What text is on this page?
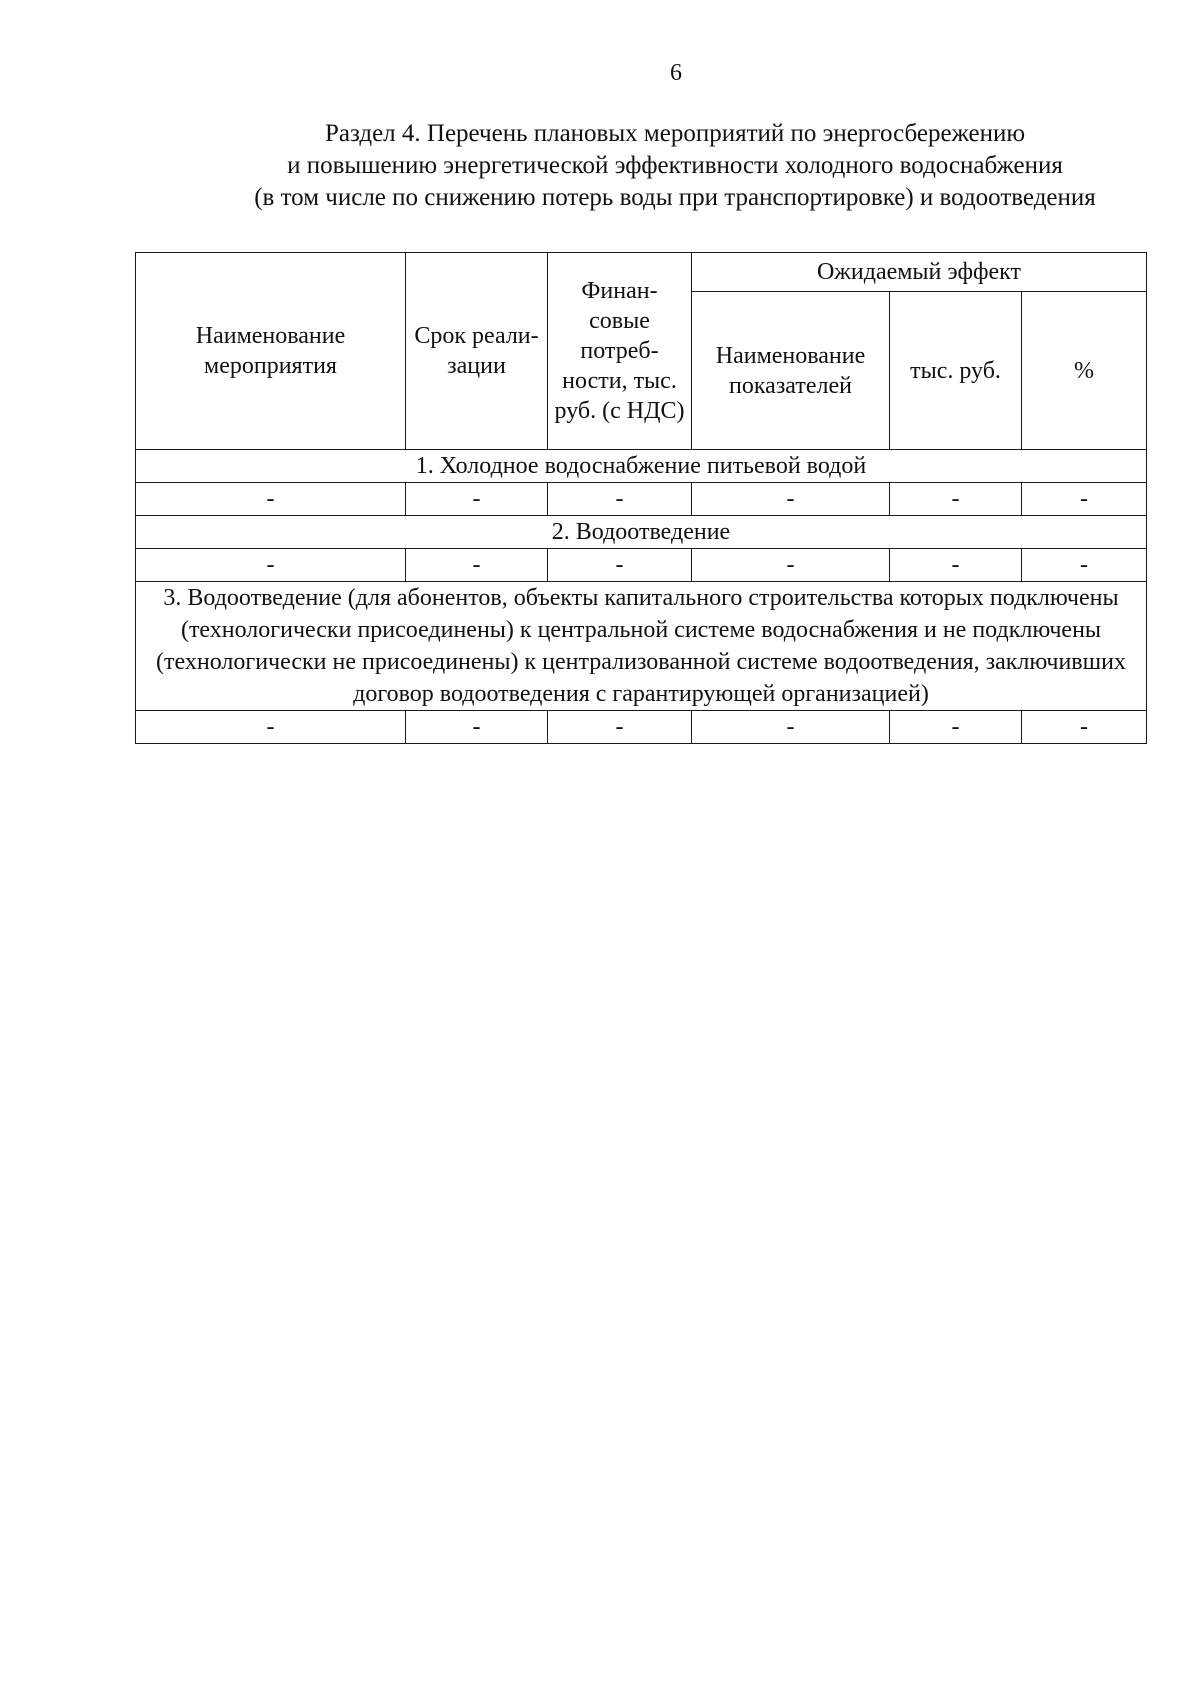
6
Раздел 4. Перечень плановых мероприятий по энергосбережению
и повышению энергетической эффективности холодного водоснабжения
(в том числе по снижению потерь воды при транспортировке) и водоотведения
Наименование мероприятия	Срок реали-зации	Финан-совые потреб-ности, тыс. руб. (с НДС)	Ожидаемый эффект		
			Наименование показателей	тыс. руб.	%
1. Холодное водоснабжение питьевой водой					
-	-	-	-	-	-
2. Водоотведение					
-	-	-	-	-	-
3. Водоотведение (для абонентов, объекты капитального строительства которых подключены (технологически присоединены) к центральной системе водоснабжения и не подключены (технологически не присоединены) к централизованной системе водоотведения, заключивших договор водоотведения с гарантирующей организацией)					
-	-	-	-	-	-
